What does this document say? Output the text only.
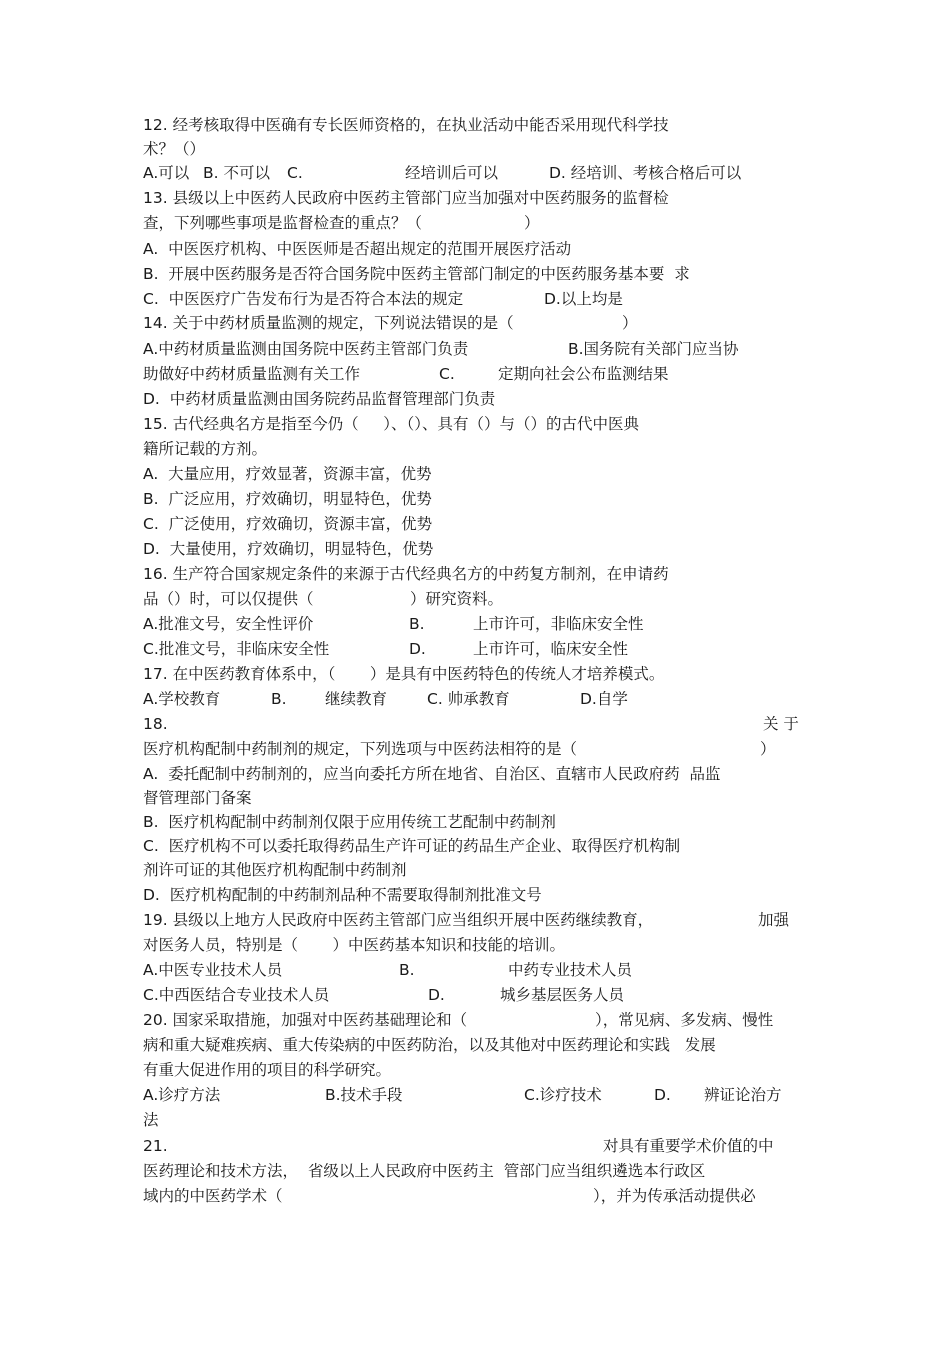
12. 经考核取得中医确有专长医师资格的，在执业活动中能否采用现代科学技
术？（）

A.可以

B. 不可以

C.

	经培训后可以

	D. 经培训、考核合格后可以

13. 县级以上中医药人民政府中医药主管部门应当加强对中医药服务的监督检

查，下列哪些事项是监督检查的重点？（

	）

A.  中医医疗机构、中医医师是否超出规定的范围开展医疗活动
B.  开展中医药服务是否符合国务院中医药主管部门制定的中医药服务基本要  求

C.  中医医疗广告发布行为是否符合本法的规定

	D.以上均是

14. 关于中药材质量监测的规定，下列说法错误的是（

	）

A.中药材质量监测由国务院中医药主管部门负责

	B.国务院有关部门应当协

助做好中药材质量监测有关工作

	C.

	定期向社会公布监测结果

D.  中药材质量监测由国务院药品监督管理部门负责
15. 古代经典名方是指至今仍（     ）、（）、具有（）与（）的古代中医典
籍所记载的方剂。
A.  大量应用，疗效显著，资源丰富，优势
B.  广泛应用，疗效确切，明显特色，优势
C.  广泛使用，疗效确切，资源丰富，优势
D.  大量使用，疗效确切，明显特色，优势
16. 生产符合国家规定条件的来源于古代经典名方的中药复方制剂，在申请药

品（）时，可以仅提供（

	）研究资料。

A.批准文号，安全性评价

	B.

	上市许可，非临床安全性

C.批准文号，非临床安全性

	D.

	上市许可，临床安全性

17. 在中医药教育体系中，（       ）是具有中医药特色的传统人才培养模式。

A.学校教育

	B.

继续教育

	C. 帅承教育

	D.自学

18.

	关 于

医疗机构配制中药制剂的规定，下列选项与中医药法相符的是（

	）

A.  委托配制中药制剂的，应当向委托方所在地省、自治区、直辖市人民政府药  品监
督管理部门备案
B.  医疗机构配制中药制剂仅限于应用传统工艺配制中药制剂
C.  医疗机构不可以委托取得药品生产许可证的药品生产企业、取得医疗机构制
剂许可证的其他医疗机构配制中药制剂
D.  医疗机构配制的中药制剂品种不需要取得制剂批准文号

19. 县级以上地方人民政府中医药主管部门应当组织开展中医药继续教育，

	加强

对医务人员，特别是（       ）中医药基本知识和技能的培训。

A.中医专业技术人员

	B.

	中药专业技术人员

C.中西医结合专业技术人员

	D.

	城乡基层医务人员

20. 国家采取措施，加强对中医药基础理论和（

	），常见病、多发病、慢性

病和重大疑难疾病、重大传染病的中医药防治，以及其他对中医药理论和实践   发展
有重大促进作用的项目的科学研究。

A.诊疗方法

	B.技术手段

	C.诊疗技术

	D.

辨证论治方

法

21.

	对具有重要学术价值的中

医药理论和技术方法，  省级以上人民政府中医药主  管部门应当组织遴选本行政区

域内的中医药学术（

	），并为传承活动提供必
